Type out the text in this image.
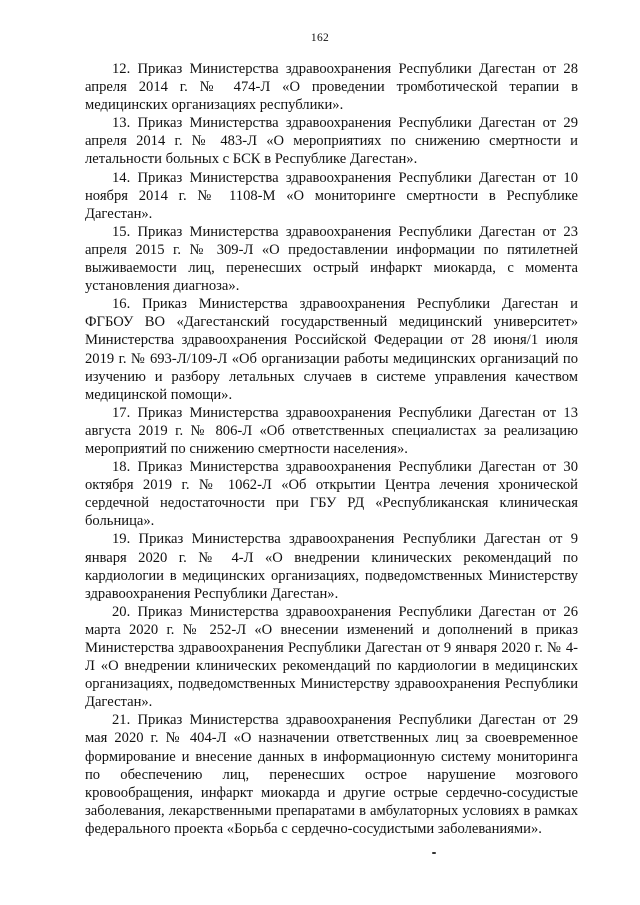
162

12. Приказ Министерства здравоохранения Республики Дагестан от 28 апреля 2014 г. № 474-Л «О проведении тромботической терапии в медицинских организациях республики».

13. Приказ Министерства здравоохранения Республики Дагестан от 29 апреля 2014 г. № 483-Л «О мероприятиях по снижению смертности и летальности больных с БСК в Республике Дагестан».

14. Приказ Министерства здравоохранения Республики Дагестан от 10 ноября 2014 г. № 1108-М «О мониторинге смертности в Республике Дагестан».

15. Приказ Министерства здравоохранения Республики Дагестан от 23 апреля 2015 г. № 309-Л «О предоставлении информации по пятилетней выживаемости лиц, перенесших острый инфаркт миокарда, с момента установления диагноза».

16. Приказ Министерства здравоохранения Республики Дагестан и ФГБОУ ВО «Дагестанский государственный медицинский университет» Министерства здравоохранения Российской Федерации от 28 июня/1 июля 2019 г. № 693-Л/109-Л «Об организации работы медицинских организаций по изучению и разбору летальных случаев в системе управления качеством медицинской помощи».

17. Приказ Министерства здравоохранения Республики Дагестан от 13 августа 2019 г. № 806-Л «Об ответственных специалистах за реализацию мероприятий по снижению смертности населения».

18. Приказ Министерства здравоохранения Республики Дагестан от 30 октября 2019 г. № 1062-Л «Об открытии Центра лечения хронической сердечной недостаточности при ГБУ РД «Республиканская клиническая больница».

19. Приказ Министерства здравоохранения Республики Дагестан от 9 января 2020 г. № 4-Л «О внедрении клинических рекомендаций по кардиологии в медицинских организациях, подведомственных Министерству здравоохранения Республики Дагестан».

20. Приказ Министерства здравоохранения Республики Дагестан от 26 марта 2020 г. № 252-Л «О внесении изменений и дополнений в приказ Министерства здравоохранения Республики Дагестан от 9 января 2020 г. № 4-Л «О внедрении клинических рекомендаций по кардиологии в медицинских организациях, подведомственных Министерству здравоохранения Республики Дагестан».

21. Приказ Министерства здравоохранения Республики Дагестан от 29 мая 2020 г. № 404-Л «О назначении ответственных лиц за своевременное формирование и внесение данных в информационную систему мониторинга по обеспечению лиц, перенесших острое нарушение мозгового кровообращения, инфаркт миокарда и другие острые сердечно-сосудистые заболевания, лекарственными препаратами в амбулаторных условиях в рамках федерального проекта «Борьба с сердечно-сосудистыми заболеваниями».
